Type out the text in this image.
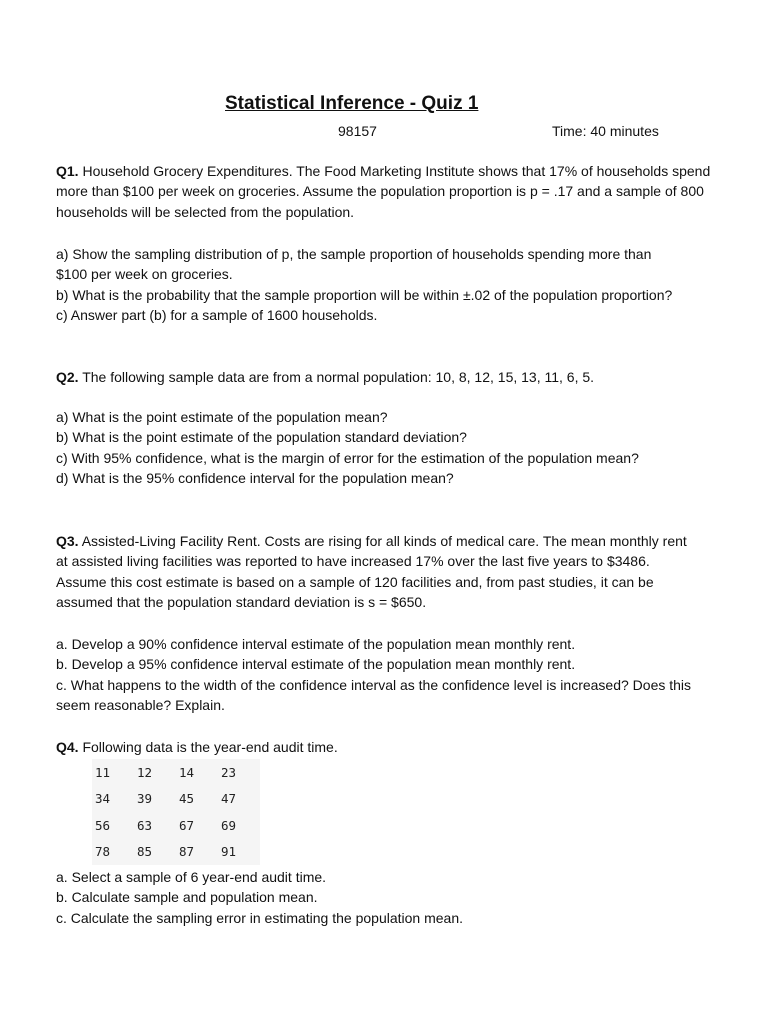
Statistical Inference - Quiz 1
98157	Time: 40 minutes

Q1. Household Grocery Expenditures. The Food Marketing Institute shows that 17% of households spend more than $100 per week on groceries. Assume the population proportion is p = .17 and a sample of 800 households will be selected from the population.

a) Show the sampling distribution of p, the sample proportion of households spending more than $100 per week on groceries.
b) What is the probability that the sample proportion will be within ±.02 of the population proportion?
c) Answer part (b) for a sample of 1600 households.

Q2. The following sample data are from a normal population: 10, 8, 12, 15, 13, 11, 6, 5.

a) What is the point estimate of the population mean?
b) What is the point estimate of the population standard deviation?
c) With 95% confidence, what is the margin of error for the estimation of the population mean?
d) What is the 95% confidence interval for the population mean?

Q3. Assisted-Living Facility Rent. Costs are rising for all kinds of medical care. The mean monthly rent at assisted living facilities was reported to have increased 17% over the last five years to $3486. Assume this cost estimate is based on a sample of 120 facilities and, from past studies, it can be assumed that the population standard deviation is s = $650.

a. Develop a 90% confidence interval estimate of the population mean monthly rent.
b. Develop a 95% confidence interval estimate of the population mean monthly rent.
c. What happens to the width of the confidence interval as the confidence level is increased? Does this seem reasonable? Explain.

Q4. Following data is the year-end audit time.

11	12	14	23
34	39	45	47
56	63	67	69
78	85	87	91

a. Select a sample of 6 year-end audit time.
b. Calculate sample and population mean.
c. Calculate the sampling error in estimating the population mean.
